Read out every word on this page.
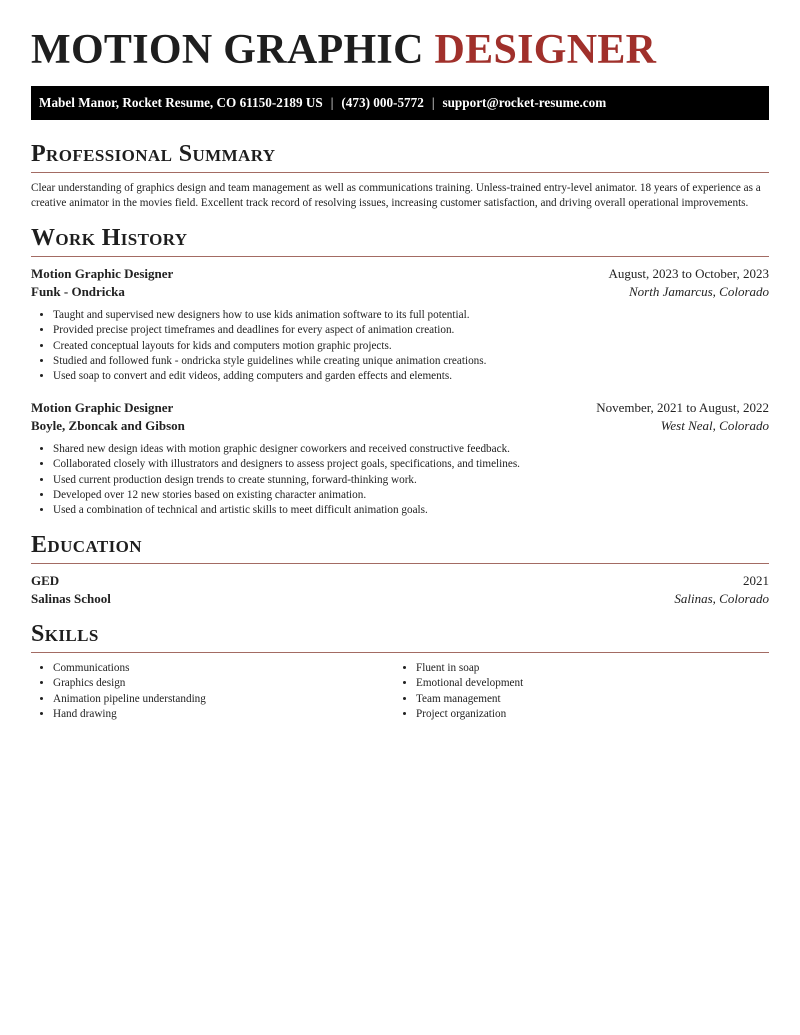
MOTION GRAPHIC DESIGNER
Mabel Manor, Rocket Resume, CO 61150-2189 US | (473) 000-5772 | support@rocket-resume.com
Professional Summary

Clear understanding of graphics design and team management as well as communications training. Unless-trained entry-level animator. 18 years of experience as a creative animator in the movies field. Excellent track record of resolving issues, increasing customer satisfaction, and driving overall operational improvements.

Work History
Motion Graphic Designer	August, 2023 to October, 2023
Funk - Ondricka	North Jamarcus, Colorado
• Taught and supervised new designers how to use kids animation software to its full potential.
• Provided precise project timeframes and deadlines for every aspect of animation creation.
• Created conceptual layouts for kids and computers motion graphic projects.
• Studied and followed funk - ondricka style guidelines while creating unique animation creations.
• Used soap to convert and edit videos, adding computers and garden effects and elements.
Motion Graphic Designer	November, 2021 to August, 2022
Boyle, Zboncak and Gibson	West Neal, Colorado
• Shared new design ideas with motion graphic designer coworkers and received constructive feedback.
• Collaborated closely with illustrators and designers to assess project goals, specifications, and timelines.
• Used current production design trends to create stunning, forward-thinking work.
• Developed over 12 new stories based on existing character animation.
• Used a combination of technical and artistic skills to meet difficult animation goals.
Education
GED	2021
Salinas School	Salinas, Colorado
Skills
• Communications
• Graphics design
• Animation pipeline understanding
• Hand drawing
• Fluent in soap
• Emotional development
• Team management
• Project organization
